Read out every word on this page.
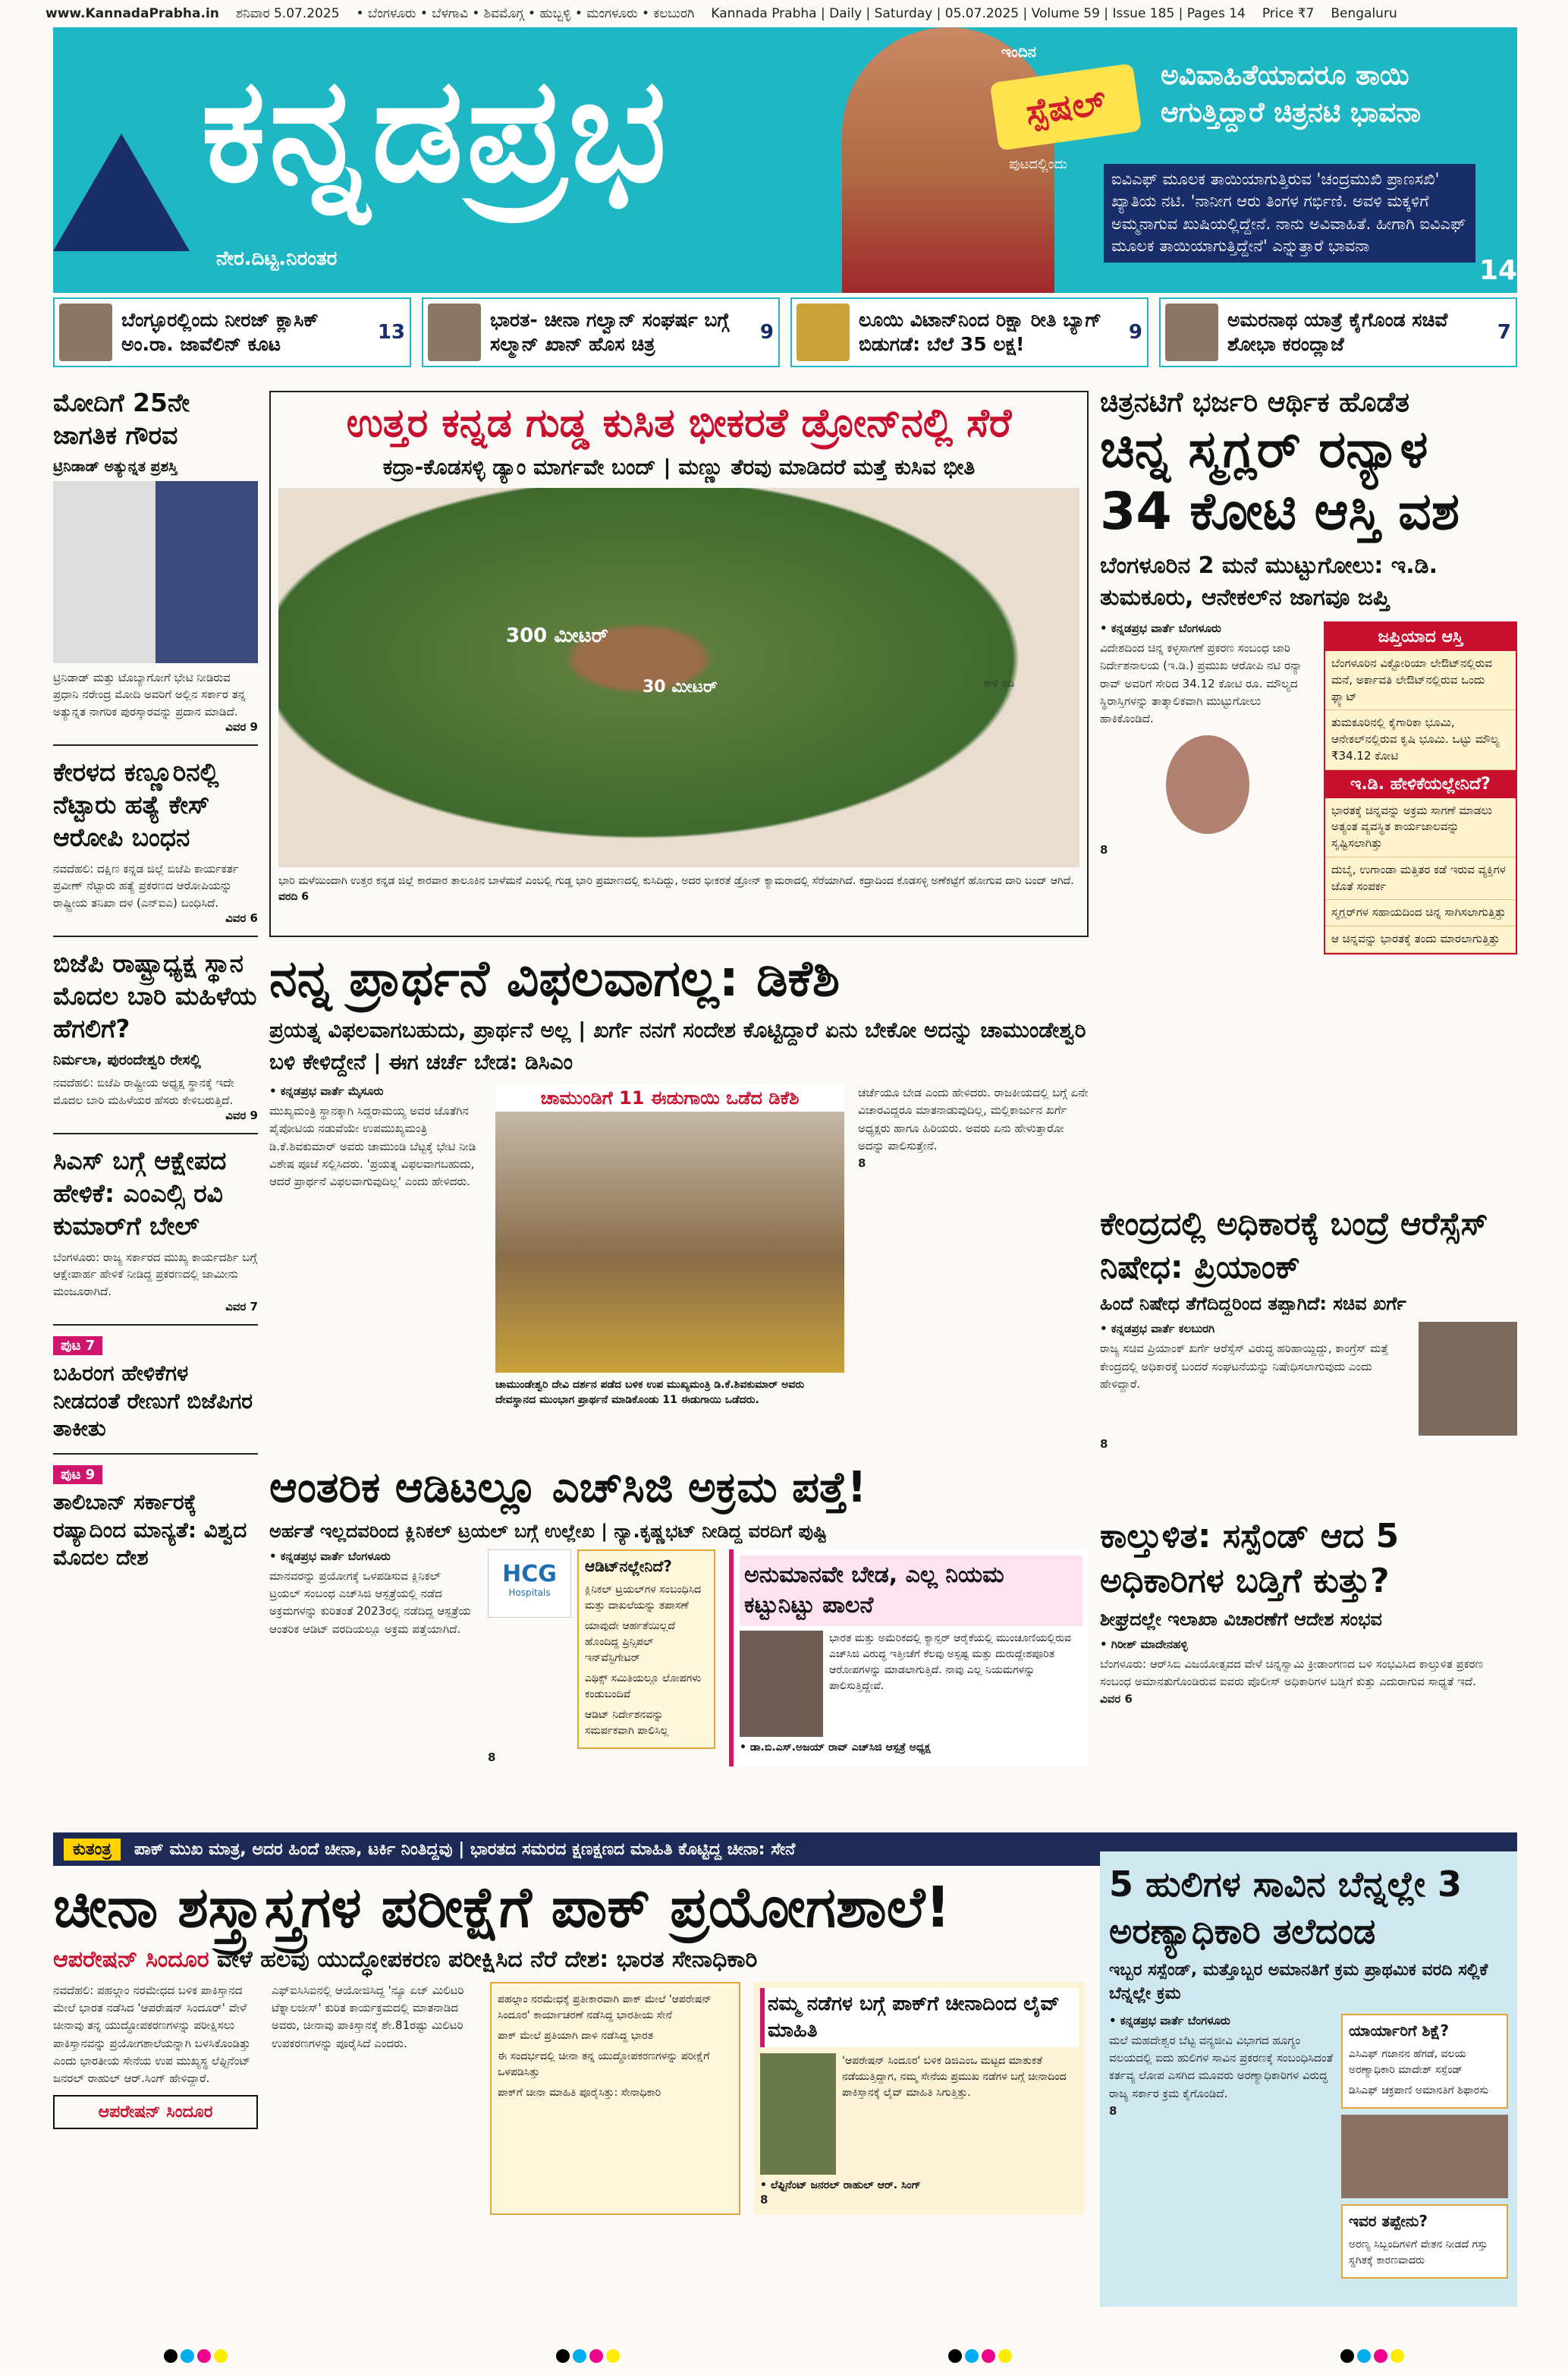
www.KannadaPrabha.in ಶನಿವಾರ 5.07.2025 • ಬೆಂಗಳೂರು • ಬೆಳಗಾವಿ • ಶಿವಮೊಗ್ಗ • ಹುಬ್ಬಳ್ಳಿ • ಮಂಗಳೂರು • ಕಲಬುರಗಿ Kannada Prabha | Daily | Saturday | 05.07.2025 | Volume 59 | Issue 185 | Pages 14 Price ₹7 Bengaluru
ಕನ್ನಡಪ್ರಭ
ನೇರ.ದಿಟ್ಟ.ನಿರಂತರ
ಇಂದಿನ
ಸ್ಪೆಷಲ್
ಪುಟದಲ್ಲಿಂದು
ಅವಿವಾಹಿತೆಯಾದರೂ ತಾಯಿ ಆಗುತ್ತಿದ್ದಾರೆ ಚಿತ್ರನಟಿ ಭಾವನಾ
ಐವಿಎಫ್ ಮೂಲಕ ತಾಯಿಯಾಗುತ್ತಿರುವ 'ಚಂದ್ರಮುಖಿ ಪ್ರಾಣಸಖಿ' ಖ್ಯಾತಿಯ ನಟಿ. 'ನಾನೀಗ ಆರು ತಿಂಗಳ ಗರ್ಭಿಣಿ. ಅವಳಿ ಮಕ್ಕಳಿಗೆ ಅಮ್ಮನಾಗುವ ಖುಷಿಯಲ್ಲಿದ್ದೇನೆ. ನಾನು ಅವಿವಾಹಿತೆ. ಹೀಗಾಗಿ ಐವಿಎಫ್ ಮೂಲಕ ತಾಯಿಯಾಗುತ್ತಿದ್ದೇನೆ' ಎನ್ನುತ್ತಾರೆ ಭಾವನಾ
14
ಬೆಂಗ್ಳೂರಲ್ಲಿಂದು ನೀರಜ್ ಕ್ಲಾಸಿಕ್ ಅಂ.ರಾ. ಜಾವೆಲಿನ್ ಕೂಟ
13
ಭಾರತ- ಚೀನಾ ಗಲ್ವಾನ್ ಸಂಘರ್ಷ ಬಗ್ಗೆ ಸಲ್ಮಾನ್ ಖಾನ್ ಹೊಸ ಚಿತ್ರ
9
ಲೂಯಿ ವಿಟಾನ್‌ನಿಂದ ರಿಕ್ಷಾ ರೀತಿ ಬ್ಯಾಗ್ ಬಿಡುಗಡೆ: ಬೆಲೆ 35 ಲಕ್ಷ!
9
ಅಮರನಾಥ ಯಾತ್ರೆ ಕೈಗೊಂಡ ಸಚಿವೆ ಶೋಭಾ ಕರಂದ್ಲಾಜೆ
7
ಮೋದಿಗೆ 25ನೇ ಜಾಗತಿಕ ಗೌರವ
ಟ್ರಿನಿಡಾಡ್ ಅತ್ಯುನ್ನತ ಪ್ರಶಸ್ತಿ

ಟ್ರಿನಿಡಾಡ್ ಮತ್ತು ಟೊಬ್ಯಾಗೋಗೆ ಭೇಟಿ ನೀಡಿರುವ ಪ್ರಧಾನಿ ನರೇಂದ್ರ ಮೋದಿ ಅವರಿಗೆ ಅಲ್ಲಿನ ಸರ್ಕಾರ ತನ್ನ ಅತ್ಯುನ್ನತ ನಾಗರಿಕ ಪುರಸ್ಕಾರವನ್ನು ಪ್ರದಾನ ಮಾಡಿದೆ.

ವಿವರ 9
ಕೇರಳದ ಕಣ್ಣೂರಿನಲ್ಲಿ ನೆಟ್ಟಾರು ಹತ್ಯೆ ಕೇಸ್ ಆರೋಪಿ ಬಂಧನ

ನವದೆಹಲಿ: ದಕ್ಷಿಣ ಕನ್ನಡ ಜಿಲ್ಲೆ ಬಿಜೆಪಿ ಕಾರ್ಯಕರ್ತ ಪ್ರವೀಣ್ ನೆಟ್ಟಾರು ಹತ್ಯೆ ಪ್ರಕರಣದ ಆರೋಪಿಯನ್ನು ರಾಷ್ಟ್ರೀಯ ತನಿಖಾ ದಳ (ಎನ್‌ಐಎ) ಬಂಧಿಸಿದೆ.

ವಿವರ 6
ಬಿಜೆಪಿ ರಾಷ್ಟ್ರಾಧ್ಯಕ್ಷ ಸ್ಥಾನ ಮೊದಲ ಬಾರಿ ಮಹಿಳೆಯ ಹೆಗಲಿಗೆ?
ನಿರ್ಮಲಾ, ಪುರಂದೇಶ್ವರಿ ರೇಸಲ್ಲಿ

ನವದೆಹಲಿ: ಬಿಜೆಪಿ ರಾಷ್ಟ್ರೀಯ ಅಧ್ಯಕ್ಷ ಸ್ಥಾನಕ್ಕೆ ಇದೇ ಮೊದಲ ಬಾರಿ ಮಹಿಳೆಯರ ಹೆಸರು ಕೇಳಿಬರುತ್ತಿದೆ.

ವಿವರ 9
ಸಿಎಸ್ ಬಗ್ಗೆ ಆಕ್ಷೇಪದ ಹೇಳಿಕೆ: ಎಂಎಲ್ಸಿ ರವಿ ಕುಮಾರ್‌ಗೆ ಬೇಲ್

ಬೆಂಗಳೂರು: ರಾಜ್ಯ ಸರ್ಕಾರದ ಮುಖ್ಯ ಕಾರ್ಯದರ್ಶಿ ಬಗ್ಗೆ ಆಕ್ಷೇಪಾರ್ಹ ಹೇಳಿಕೆ ನೀಡಿದ್ದ ಪ್ರಕರಣದಲ್ಲಿ ಜಾಮೀನು ಮಂಜೂರಾಗಿದೆ.

ವಿವರ 7
ಪುಟ 7
ಬಹಿರಂಗ ಹೇಳಿಕೆಗಳ ನೀಡದಂತೆ ರೇಣುಗೆ ಬಿಜೆಪಿಗರ ತಾಕೀತು
ಪುಟ 9
ತಾಲಿಬಾನ್ ಸರ್ಕಾರಕ್ಕೆ ರಷ್ಯಾದಿಂದ ಮಾನ್ಯತೆ: ವಿಶ್ವದ ಮೊದಲ ದೇಶ
ಉತ್ತರ ಕನ್ನಡ ಗುಡ್ಡ ಕುಸಿತ ಭೀಕರತೆ ಡ್ರೋನ್‌ನಲ್ಲಿ ಸೆರೆ
ಕದ್ರಾ-ಕೊಡಸಳ್ಳಿ ಡ್ಯಾಂ ಮಾರ್ಗವೇ ಬಂದ್ | ಮಣ್ಣು ತೆರವು ಮಾಡಿದರೆ ಮತ್ತೆ ಕುಸಿವ ಭೀತಿ
300 ಮೀಟರ್
30 ಮೀಟರ್	ಕಾಳಿ ನದಿ
ಭಾರಿ ಮಳೆಯಿಂದಾಗಿ ಉತ್ತರ ಕನ್ನಡ ಜಿಲ್ಲೆ ಕಾರವಾರ ತಾಲೂಕಿನ ಬಾಳೆಮನೆ ಎಂಬಲ್ಲಿ ಗುಡ್ಡ ಭಾರಿ ಪ್ರಮಾಣದಲ್ಲಿ ಕುಸಿದಿದ್ದು, ಅದರ ಭೀಕರತೆ ಡ್ರೋನ್ ಕ್ಯಾಮರಾದಲ್ಲಿ ಸೆರೆಯಾಗಿದೆ. ಕದ್ರಾದಿಂದ ಕೊಡಸಳ್ಳಿ ಅಣೆಕಟ್ಟೆಗೆ ಹೋಗುವ ದಾರಿ ಬಂದ್ ಆಗಿದೆ. ವರದಿ 6
ಚಿತ್ರನಟಿಗೆ ಭರ್ಜರಿ ಆರ್ಥಿಕ ಹೊಡೆತ
ಚಿನ್ನ ಸ್ಮಗ್ಲರ್ ರನ್ಯಾಳ 34 ಕೋಟಿ ಆಸ್ತಿ ವಶ
ಬೆಂಗಳೂರಿನ 2 ಮನೆ ಮುಟ್ಟುಗೋಲು: ಇ.ಡಿ. ತುಮಕೂರು, ಆನೇಕಲ್‌ನ ಜಾಗವೂ ಜಪ್ತಿ
• ಕನ್ನಡಪ್ರಭ ವಾರ್ತೆ ಬೆಂಗಳೂರು

ವಿದೇಶದಿಂದ ಚಿನ್ನ ಕಳ್ಳಸಾಗಣೆ ಪ್ರಕರಣ ಸಂಬಂಧ ಜಾರಿ ನಿರ್ದೇಶನಾಲಯ (ಇ.ಡಿ.) ಪ್ರಮುಖ ಆರೋಪಿ ನಟಿ ರನ್ಯಾ ರಾವ್ ಅವರಿಗೆ ಸೇರಿದ 34.12 ಕೋಟಿ ರೂ. ಮೌಲ್ಯದ ಸ್ಥಿರಾಸ್ತಿಗಳನ್ನು ತಾತ್ಕಾಲಿಕವಾಗಿ ಮುಟ್ಟುಗೋಲು ಹಾಕಿಕೊಂಡಿದೆ.

8
ಜಪ್ತಿಯಾದ ಆಸ್ತಿ
ಬೆಂಗಳೂರಿನ ವಿಕ್ಟೋರಿಯಾ ಲೇಔಟ್‌ನಲ್ಲಿರುವ ಮನೆ, ಅರ್ಕಾವತಿ ಲೇಔಟ್‌ನಲ್ಲಿರುವ ಒಂದು ಫ್ಲ್ಯಾಟ್
ತುಮಕೂರಿನಲ್ಲಿ ಕೈಗಾರಿಕಾ ಭೂಮಿ, ಆನೇಕಲ್‌ನಲ್ಲಿರುವ ಕೃಷಿ ಭೂಮಿ. ಒಟ್ಟು ಮೌಲ್ಯ ₹34.12 ಕೋಟಿ
ಇ.ಡಿ. ಹೇಳಿಕೆಯಲ್ಲೇನಿದೆ?
ಭಾರತಕ್ಕೆ ಚಿನ್ನವನ್ನು ಅಕ್ರಮ ಸಾಗಣೆ ಮಾಡಲು ಅತ್ಯಂತ ವ್ಯವಸ್ಥಿತ ಕಾರ್ಯಜಾಲವನ್ನು ಸೃಷ್ಟಿಸಲಾಗಿತ್ತು
ದುಬೈ, ಉಗಾಂಡಾ ಮತ್ತಿತರ ಕಡೆ ಇರುವ ವ್ಯಕ್ತಿಗಳ ಜೊತೆ ಸಂಪರ್ಕ
ಸ್ಮಗ್ಲರ್‌ಗಳ ಸಹಾಯದಿಂದ ಚಿನ್ನ ಸಾಗಿಸಲಾಗುತ್ತಿತ್ತು
ಆ ಚಿನ್ನವನ್ನು ಭಾರತಕ್ಕೆ ತಂದು ಮಾರಲಾಗುತ್ತಿತ್ತು
ಕೇಂದ್ರದಲ್ಲಿ ಅಧಿಕಾರಕ್ಕೆ ಬಂದ್ರೆ ಆರೆಸ್ಸೆಸ್ ನಿಷೇಧ: ಪ್ರಿಯಾಂಕ್
ಹಿಂದೆ ನಿಷೇಧ ತೆಗೆದಿದ್ದರಿಂದ ತಪ್ಪಾಗಿದೆ: ಸಚಿವ ಖರ್ಗೆ
• ಕನ್ನಡಪ್ರಭ ವಾರ್ತೆ ಕಲಬುರಗಿ

ರಾಜ್ಯ ಸಚಿವ ಪ್ರಿಯಾಂಕ್ ಖರ್ಗೆ ಆರೆಸ್ಸೆಸ್ ವಿರುದ್ಧ ಹರಿಹಾಯ್ದಿದ್ದು, ಕಾಂಗ್ರೆಸ್ ಮತ್ತೆ ಕೇಂದ್ರದಲ್ಲಿ ಅಧಿಕಾರಕ್ಕೆ ಬಂದರೆ ಸಂಘಟನೆಯನ್ನು ನಿಷೇಧಿಸಲಾಗುವುದು ಎಂದು ಹೇಳಿದ್ದಾರೆ.

8
ಕಾಲ್ತುಳಿತ: ಸಸ್ಪೆಂಡ್ ಆದ 5 ಅಧಿಕಾರಿಗಳ ಬಡ್ತಿಗೆ ಕುತ್ತು?
ಶೀಘ್ರದಲ್ಲೇ ಇಲಾಖಾ ವಿಚಾರಣೆಗೆ ಆದೇಶ ಸಂಭವ
• ಗಿರೀಶ್ ಮಾದೇನಹಳ್ಳಿ

ಬೆಂಗಳೂರು: ಆರ್‌ಸಿಬಿ ವಿಜಯೋತ್ಸವದ ವೇಳೆ ಚಿನ್ನಸ್ವಾಮಿ ಕ್ರೀಡಾಂಗಣದ ಬಳಿ ಸಂಭವಿಸಿದ ಕಾಲ್ತುಳಿತ ಪ್ರಕರಣ ಸಂಬಂಧ ಅಮಾನತುಗೊಂಡಿರುವ ಐವರು ಪೊಲೀಸ್ ಅಧಿಕಾರಿಗಳ ಬಡ್ತಿಗೆ ಕುತ್ತು ಎದುರಾಗುವ ಸಾಧ್ಯತೆ ಇದೆ.

ವಿವರ 6
ನನ್ನ ಪ್ರಾರ್ಥನೆ ವಿಫಲವಾಗಲ್ಲ: ಡಿಕೆಶಿ
ಪ್ರಯತ್ನ ವಿಫಲವಾಗಬಹುದು, ಪ್ರಾರ್ಥನೆ ಅಲ್ಲ | ಖರ್ಗೆ ನನಗೆ ಸಂದೇಶ ಕೊಟ್ಟಿದ್ದಾರೆ ಏನು ಬೇಕೋ ಅದನ್ನು ಚಾಮುಂಡೇಶ್ವರಿ ಬಳಿ ಕೇಳಿದ್ದೇನೆ | ಈಗ ಚರ್ಚೆ ಬೇಡ: ಡಿಸಿಎಂ
• ಕನ್ನಡಪ್ರಭ ವಾರ್ತೆ ಮೈಸೂರು

ಮುಖ್ಯಮಂತ್ರಿ ಸ್ಥಾನಕ್ಕಾಗಿ ಸಿದ್ದರಾಮಯ್ಯ ಅವರ ಜೊತೆಗಿನ ಪೈಪೋಟಿಯ ನಡುವೆಯೇ ಉಪಮುಖ್ಯಮಂತ್ರಿ ಡಿ.ಕೆ.ಶಿವಕುಮಾರ್ ಅವರು ಚಾಮುಂಡಿ ಬೆಟ್ಟಕ್ಕೆ ಭೇಟಿ ನೀಡಿ ವಿಶೇಷ ಪೂಜೆ ಸಲ್ಲಿಸಿದರು. 'ಪ್ರಯತ್ನ ವಿಫಲವಾಗಬಹುದು, ಆದರೆ ಪ್ರಾರ್ಥನೆ ವಿಫಲವಾಗುವುದಿಲ್ಲ' ಎಂದು ಹೇಳಿದರು.

ಚಾಮುಂಡಿಗೆ 11 ಈಡುಗಾಯಿ ಒಡೆದ ಡಿಕೆಶಿ

ಚಾಮುಂಡೇಶ್ವರಿ ದೇವಿ ದರ್ಶನ ಪಡೆದ ಬಳಿಕ ಉಪ ಮುಖ್ಯಮಂತ್ರಿ ಡಿ.ಕೆ.ಶಿವಕುಮಾರ್ ಅವರು ದೇವಸ್ಥಾನದ ಮುಂಭಾಗ ಪ್ರಾರ್ಥನೆ ಮಾಡಿಕೊಂಡು 11 ಈಡುಗಾಯಿ ಒಡೆದರು.

ಚರ್ಚೆಯೂ ಬೇಡ ಎಂದು ಹೇಳಿದರು. ರಾಜಕೀಯದಲ್ಲಿ ಬಗ್ಗೆ ಏನೇ ವಿಚಾರವಿದ್ದರೂ ಮಾತನಾಡುವುದಿಲ್ಲ, ಮಲ್ಲಿಕಾರ್ಜುನ ಖರ್ಗೆ ಅಧ್ಯಕ್ಷರು ಹಾಗೂ ಹಿರಿಯರು. ಅವರು ಏನು ಹೇಳುತ್ತಾರೋ ಅದನ್ನು ಪಾಲಿಸುತ್ತೇನೆ.

8
ಆಂತರಿಕ ಆಡಿಟಲ್ಲೂ ಎಚ್‌ಸಿಜಿ ಅಕ್ರಮ ಪತ್ತೆ!
ಅರ್ಹತೆ ಇಲ್ಲದವರಿಂದ ಕ್ಲಿನಿಕಲ್ ಟ್ರಯಲ್ ಬಗ್ಗೆ ಉಲ್ಲೇಖ | ನ್ಯಾ.ಕೃಷ್ಣಭಟ್ ನೀಡಿದ್ದ ವರದಿಗೆ ಪುಷ್ಟಿ
• ಕನ್ನಡಪ್ರಭ ವಾರ್ತೆ ಬೆಂಗಳೂರು

ಮಾನವರನ್ನು ಪ್ರಯೋಗಕ್ಕೆ ಒಳಪಡಿಸುವ ಕ್ಲಿನಿಕಲ್ ಟ್ರಯಲ್ ಸಂಬಂಧ ಎಚ್‌ಸಿಜಿ ಆಸ್ಪತ್ರೆಯಲ್ಲಿ ನಡೆದ ಅಕ್ರಮಗಳನ್ನು ಕುರಿತಂತೆ 2023ರಲ್ಲಿ ನಡೆದಿದ್ದ ಆಸ್ಪತ್ರೆಯ ಆಂತರಿಕ ಆಡಿಟ್ ವರದಿಯಲ್ಲೂ ಅಕ್ರಮ ಪತ್ತೆಯಾಗಿದೆ.

HCG
Hospitals
ಆಡಿಟ್‌ನಲ್ಲೇನಿದೆ?
ಕ್ಲಿನಿಕಲ್ ಟ್ರಯಲ್‌ಗಳ ಸಂಬಂಧಿಸಿದ ಮತ್ತು ದಾಖಲೆಯನ್ನು ತಪಾಸಣೆ
ಯಾವುದೇ ಆರ್ಹತೆಯಿಲ್ಲದೆ ಹೊಂದಿದ್ದ ಪ್ರಿನ್ಸಿಪಲ್ ಇನ್‌ವೆಸ್ಟಿಗೇಟರ್
ಎಥಿಕ್ಸ್ ಸಮಿತಿಯಲ್ಲೂ ಲೋಪಗಳು ಕಂಡುಬಂದಿವೆ
ಆಡಿಟ್ ನಿರ್ದೇಶನವನ್ನು ಸಮರ್ಪಕವಾಗಿ ಪಾಲಿಸಿಲ್ಲ
8
ಅನುಮಾನವೇ ಬೇಡ, ಎಲ್ಲ ನಿಯಮ ಕಟ್ಟುನಿಟ್ಟು ಪಾಲನೆ

ಭಾರತ ಮತ್ತು ಅಮೆರಿಕದಲ್ಲಿ ಕ್ಯಾನ್ಸರ್ ಆರೈಕೆಯಲ್ಲಿ ಮುಂಚೂಣಿಯಲ್ಲಿರುವ ಎಚ್‌ಸಿಜಿ ವಿರುದ್ಧ ಇತ್ತೀಚೆಗೆ ಕೆಲವು ಅಸ್ಪಷ್ಟ ಮತ್ತು ದುರುದ್ದೇಶಪೂರಿತ ಆರೋಪಗಳನ್ನು ಮಾಡಲಾಗುತ್ತಿದೆ. ನಾವು ಎಲ್ಲ ನಿಯಮಗಳನ್ನು ಪಾಲಿಸುತ್ತಿದ್ದೇವೆ.

• ಡಾ.ಬಿ.ಎಸ್.ಅಜಯ್ ರಾವ್ ಎಚ್‌ಸಿಜಿ ಆಸ್ಪತ್ರೆ ಅಧ್ಯಕ್ಷ
ಕುತಂತ್ರ	ಪಾಕ್ ಮುಖ ಮಾತ್ರ, ಅದರ ಹಿಂದೆ ಚೀನಾ, ಟರ್ಕಿ ನಿಂತಿದ್ದವು | ಭಾರತದ ಸಮರದ ಕ್ಷಣಕ್ಷಣದ ಮಾಹಿತಿ ಕೊಟ್ಟಿದ್ದ ಚೀನಾ: ಸೇನೆ
ಚೀನಾ ಶಸ್ತ್ರಾಸ್ತ್ರಗಳ ಪರೀಕ್ಷೆಗೆ ಪಾಕ್ ಪ್ರಯೋಗಶಾಲೆ!
ಆಪರೇಷನ್ ಸಿಂದೂರ ವೇಳೆ ಹಲವು ಯುದ್ಧೋಪಕರಣ ಪರೀಕ್ಷಿಸಿದ ನೆರೆ ದೇಶ: ಭಾರತ ಸೇನಾಧಿಕಾರಿ

ನವದೆಹಲಿ: ಪಹಲ್ಗಾಂ ನರಮೇಧದ ಬಳಿಕ ಪಾಕಿಸ್ತಾನದ ಮೇಲೆ ಭಾರತ ನಡೆಸಿದ 'ಆಪರೇಷನ್ ಸಿಂದೂರ್' ವೇಳೆ ಚೀನಾವು ತನ್ನ ಯುದ್ಧೋಪಕರಣಗಳನ್ನು ಪರೀಕ್ಷಿಸಲು ಪಾಕಿಸ್ತಾನವನ್ನು ಪ್ರಯೋಗಶಾಲೆಯನ್ನಾಗಿ ಬಳಸಿಕೊಂಡಿತ್ತು ಎಂದು ಭಾರತೀಯ ಸೇನೆಯ ಉಪ ಮುಖ್ಯಸ್ಥ ಲೆಫ್ಟಿನೆಂಟ್ ಜನರಲ್ ರಾಹುಲ್ ಆರ್.ಸಿಂಗ್ ಹೇಳಿದ್ದಾರೆ.

ಆಪರೇಷನ್ ಸಿಂದೂರ

ಎಫ್‌ಐಸಿಸಿಐನಲ್ಲಿ ಆಯೋಜಿಸಿದ್ದ 'ನ್ಯೂ ಏಜ್ ಮಿಲಿಟರಿ ಟೆಕ್ನಾಲಜೀಸ್' ಕುರಿತ ಕಾರ್ಯಕ್ರಮದಲ್ಲಿ ಮಾತನಾಡಿದ ಅವರು, ಚೀನಾವು ಪಾಕಿಸ್ತಾನಕ್ಕೆ ಶೇ.81ರಷ್ಟು ಮಿಲಿಟರಿ ಉಪಕರಣಗಳನ್ನು ಪೂರೈಸಿದೆ ಎಂದರು.

ಪಹಲ್ಗಾಂ ನರಮೇಧಕ್ಕೆ ಪ್ರತೀಕಾರವಾಗಿ ಪಾಕ್ ಮೇಲೆ 'ಆಪರೇಷನ್ ಸಿಂದೂರ' ಕಾರ್ಯಾಚರಣೆ ನಡೆಸಿದ್ದ ಭಾರತೀಯ ಸೇನೆ
ಪಾಕ್ ಮೇಲೆ ಪ್ರತಿಯಾಗಿ ದಾಳಿ ನಡೆಸಿದ್ದ ಭಾರತ
ಈ ಸಂದರ್ಭದಲ್ಲಿ ಚೀನಾ ತನ್ನ ಯುದ್ಧೋಪಕರಣಗಳನ್ನು ಪರೀಕ್ಷೆಗೆ ಒಳಪಡಿಸಿತ್ತು
ಪಾಕ್‌ಗೆ ಚೀನಾ ಮಾಹಿತಿ ಪೂರೈಸಿತ್ತು: ಸೇನಾಧಿಕಾರಿ
ನಮ್ಮ ನಡೆಗಳ ಬಗ್ಗೆ ಪಾಕ್‌ಗೆ ಚೀನಾದಿಂದ ಲೈವ್ ಮಾಹಿತಿ

'ಆಪರೇಷನ್ ಸಿಂದೂರ' ಬಳಿಕ ಡಿಜಿಎಂಒ ಮಟ್ಟದ ಮಾತುಕತೆ ನಡೆಯುತ್ತಿದ್ದಾಗ, ನಮ್ಮ ಸೇನೆಯ ಪ್ರಮುಖ ನಡೆಗಳ ಬಗ್ಗೆ ಚೀನಾದಿಂದ ಪಾಕಿಸ್ತಾನಕ್ಕೆ ಲೈವ್ ಮಾಹಿತಿ ಸಿಗುತ್ತಿತ್ತು.

• ಲೆಫ್ಟಿನೆಂಟ್ ಜನರಲ್ ರಾಹುಲ್ ಆರ್. ಸಿಂಗ್
8
5 ಹುಲಿಗಳ ಸಾವಿನ ಬೆನ್ನಲ್ಲೇ 3 ಅರಣ್ಯಾಧಿಕಾರಿ ತಲೆದಂಡ
ಇಬ್ಬರ ಸಸ್ಪೆಂಡ್, ಮತ್ತೊಬ್ಬರ ಅಮಾನತಿಗೆ ಕ್ರಮ ಪ್ರಾಥಮಿಕ ವರದಿ ಸಲ್ಲಿಕೆ ಬೆನ್ನಲ್ಲೇ ಕ್ರಮ
• ಕನ್ನಡಪ್ರಭ ವಾರ್ತೆ ಬೆಂಗಳೂರು

ಮಲೆ ಮಹದೇಶ್ವರ ಬೆಟ್ಟ ವನ್ಯಜೀವಿ ವಿಭಾಗದ ಹೂಗ್ಯಂ ವಲಯದಲ್ಲಿ ಐದು ಹುಲಿಗಳ ಸಾವಿನ ಪ್ರಕರಣಕ್ಕೆ ಸಂಬಂಧಿಸಿದಂತೆ ಕರ್ತವ್ಯ ಲೋಪ ಎಸಗಿದ ಮೂವರು ಅರಣ್ಯಾಧಿಕಾರಿಗಳ ವಿರುದ್ಧ ರಾಜ್ಯ ಸರ್ಕಾರ ಕ್ರಮ ಕೈಗೊಂಡಿದೆ.

8
ಯಾರ್ಯಾರಿಗೆ ಶಿಕ್ಷೆ?
ಎಸಿಎಫ್ ಗಜಾನನ ಹೆಗಡೆ, ವಲಯ ಅರಣ್ಯಾಧಿಕಾರಿ ಮಾದೇಶ್ ಸಸ್ಪೆಂಡ್
ಡಿಸಿಎಫ್ ಚಕ್ರಪಾಣಿ ಅಮಾನತಿಗೆ ಶಿಫಾರಸು
ಇವರ ತಪ್ಪೇನು?
ಅರಣ್ಯ ಸಿಬ್ಬಂದಿಗಳಿಗೆ ವೇತನ ನೀಡದೆ ಗಸ್ತು ಸ್ಥಗಿತಕ್ಕೆ ಕಾರಣವಾದರು
